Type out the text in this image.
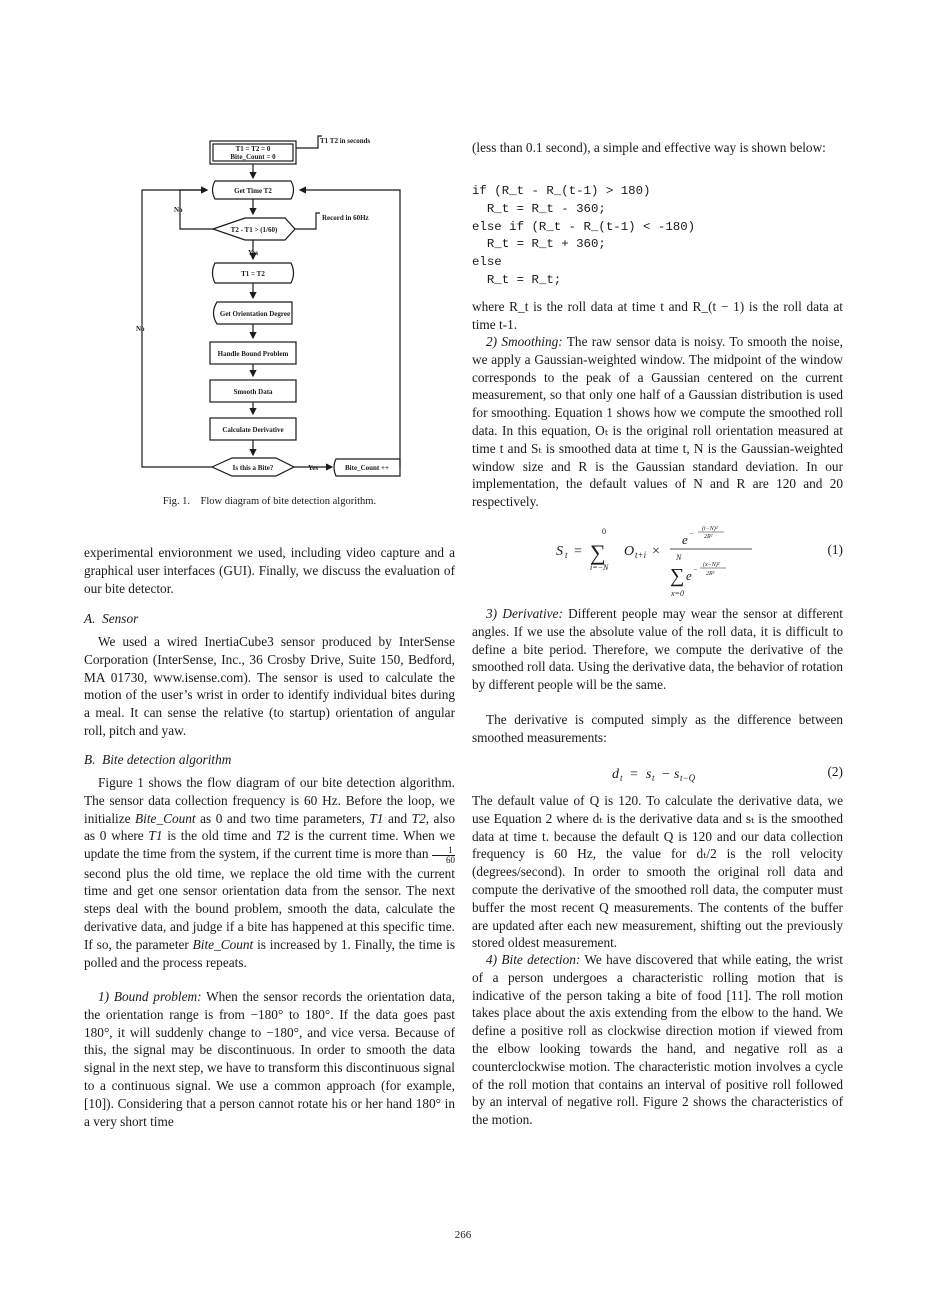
T1 = T2 = 0
Bite_Count = 0
T1 T2 in seconds
Get Time T2
No
T2 - T1 > (1/60)
Record in 60Hz
Yes
T1 = T2
No
Get Orientation Degree
Handle Bound Problem
Smooth Data
Calculate Derivative
Is this a Bite?	Yes	Bite_Count ++
Fig. 1.    Flow diagram of bite detection algorithm.

experimental envioronment we used, including video capture and a graphical user interfaces (GUI). Finally, we discuss the evaluation of our bite detector.

A.  Sensor

We used a wired InertiaCube3 sensor produced by InterSense Corporation (InterSense, Inc., 36 Crosby Drive, Suite 150, Bedford, MA 01730, www.isense.com). The sensor is used to calculate the motion of the user’s wrist in order to identify individual bites during a meal. It can sense the relative (to startup) orientation of angular roll, pitch and yaw.

B.  Bite detection algorithm

Figure 1 shows the flow diagram of our bite detection algorithm. The sensor data collection frequency is 60 Hz. Before the loop, we initialize Bite_Count as 0 and two time parameters, T1 and T2, also as 0 where T1 is the old time and T2 is the current time. When we update the time from the system, if the current time is more than $\frac{1}{60}$
second plus the old time, we replace the old time with the current time and get one sensor orientation data from the sensor. The next steps deal with the bound problem, smooth the data, calculate the derivative data, and judge if a bite has happened at this specific time. If so, the parameter Bite_Count is increased by 1. Finally, the time is polled and the process repeats.

1) Bound problem: When the sensor records the orientation data, the orientation range is from −180° to 180°. If the data goes past 180°, it will suddenly change to −180°, and vice versa. Because of this, the signal may be discontinuous. In order to smooth the data signal in the next step, we have to transform this discontinuous signal to a continuous signal. We use a common approach (for example, [10]). Considering that a person cannot rotate his or her hand 180° in a very short time

(less than 0.1 second), a simple and effective way is shown below:

if (R_t - R_(t-1) > 180)
R_t = R_t - 360;
else if (R_t - R_(t-1) < -180)
R_t = R_t + 360;
else
R_t = R_t;

where R_t is the roll data at time t and R_(t − 1) is the roll data at time t-1.

2) Smoothing: The raw sensor data is noisy. To smooth the noise, we apply a Gaussian-weighted window. The midpoint of the window corresponds to the peak of a Gaussian centered on the current measurement, so that only one half of a Gaussian distribution is used for smoothing. Equation 1 shows how we compute the smoothed roll data. In this equation, Oₜ is the original roll orientation measured at time t and Sₜ is smoothed data at time t, N is the Gaussian-weighted window size and R is the Gaussian standard deviation. In our implementation, the default values of N and R are 120 and 20 respectively.

S t =
0
∑
i=−N
O t+i ×
e −
(t−N)²
2R²
N
∑
x=0
e −
(x−N)²
2R²
(1)

3) Derivative: Different people may wear the sensor at different angles. If we use the absolute value of the roll data, it is difficult to define a bite period. Therefore, we compute the derivative of the smoothed roll data. Using the derivative data, the behavior of rotation by different people will be the same.

The derivative is computed simply as the difference between smoothed measurements:

d t = s t − s t−Q	(2)

The default value of Q is 120. To calculate the derivative data, we use Equation 2 where dₜ is the derivative data and sₜ is the smoothed data at time t. because the default Q is 120 and our data collection frequency is 60 Hz, the value for dₜ/2 is the roll velocity (degrees/second). In order to smooth the original roll data and compute the derivative of the smoothed roll data, the computer must buffer the most recent Q measurements. The contents of the buffer are updated after each new measurement, shifting out the previously stored oldest measurement.

4) Bite detection: We have discovered that while eating, the wrist of a person undergoes a characteristic rolling motion that is indicative of the person taking a bite of food [11]. The roll motion takes place about the axis extending from the elbow to the hand. We define a positive roll as clockwise direction motion if viewed from the elbow looking towards the hand, and negative roll as a counterclockwise motion. The characteristic motion involves a cycle of the roll motion that contains an interval of positive roll followed by an interval of negative roll. Figure 2 shows the characteristics of the motion.

266
